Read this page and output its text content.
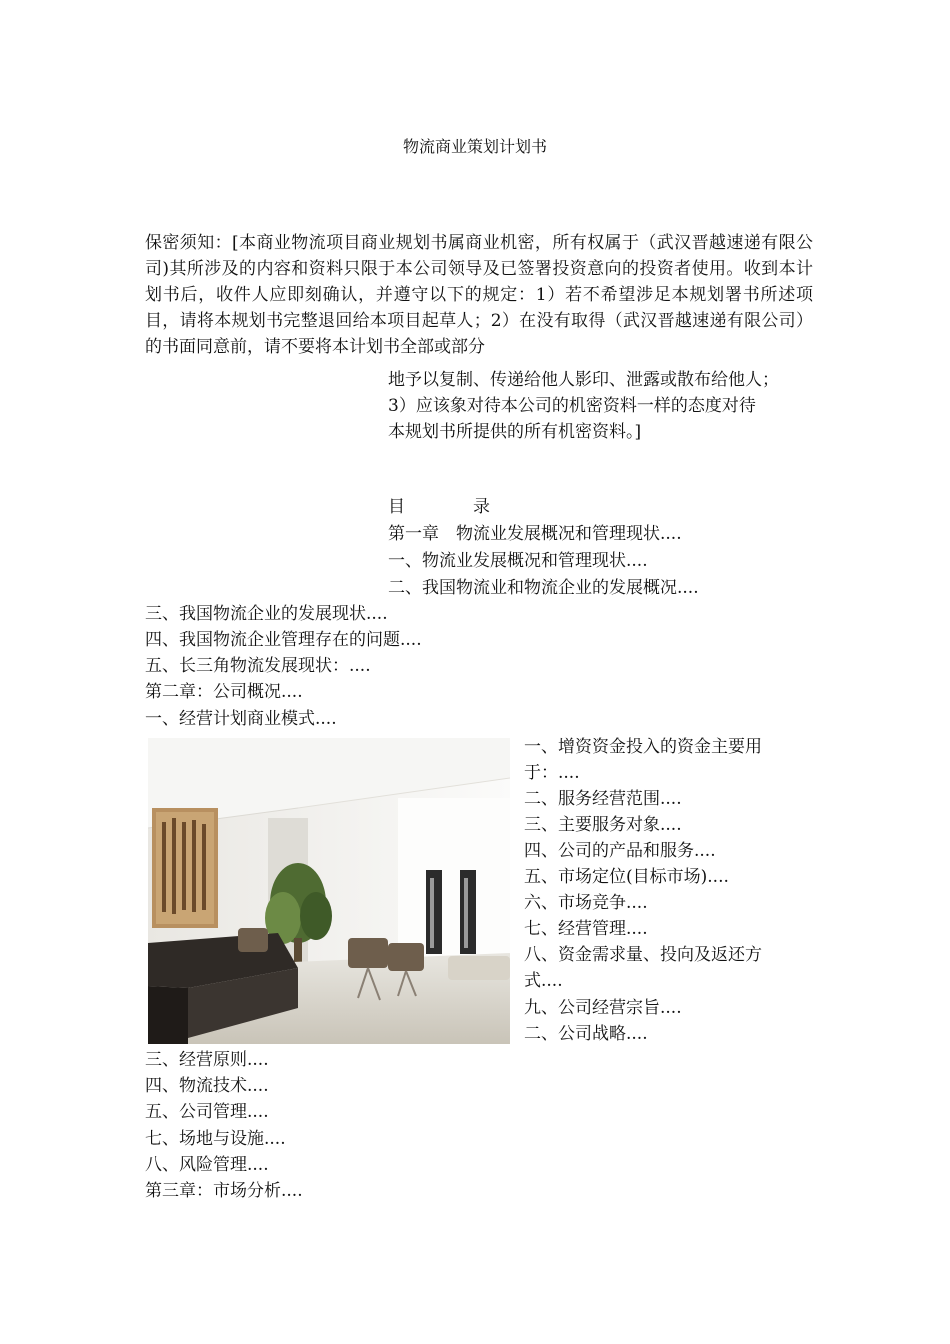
物流商业策划计划书

保密须知：[本商业物流项目商业规划书属商业机密，所有权属于（武汉晋越速递有限公司)其所涉及的内容和资料只限于本公司领导及已签署投资意向的投资者使用。收到本计划书后，收件人应即刻确认，并遵守以下的规定：1）若不希望涉足本规划署书所述项目，请将本规划书完整退回给本项目起草人；2）在没有取得（武汉晋越速递有限公司）的书面同意前，请不要将本计划书全部或部分

地予以复制、传递给他人影印、泄露或散布给他人；
3）应该象对待本公司的机密资料一样的态度对待
本规划书所提供的所有机密资料。]
目	录
第一章　物流业发展概况和管理现状....
一、物流业发展概况和管理现状....
二、我国物流业和物流企业的发展概况....
三、我国物流企业的发展现状....
四、我国物流企业管理存在的问题....
五、长三角物流发展现状：....
第二章：公司概况....
一、经营计划商业模式....
一、增资资金投入的资金主要用
于：....
二、服务经营范围....
三、主要服务对象....
四、公司的产品和服务....
五、市场定位(目标市场)....
六、市场竞争....
七、经营管理....
八、资金需求量、投向及返还方
式....
九、公司经营宗旨....
二、公司战略....
三、经营原则....
四、物流技术....
五、公司管理....
七、场地与设施....
八、风险管理....
第三章：市场分析....
